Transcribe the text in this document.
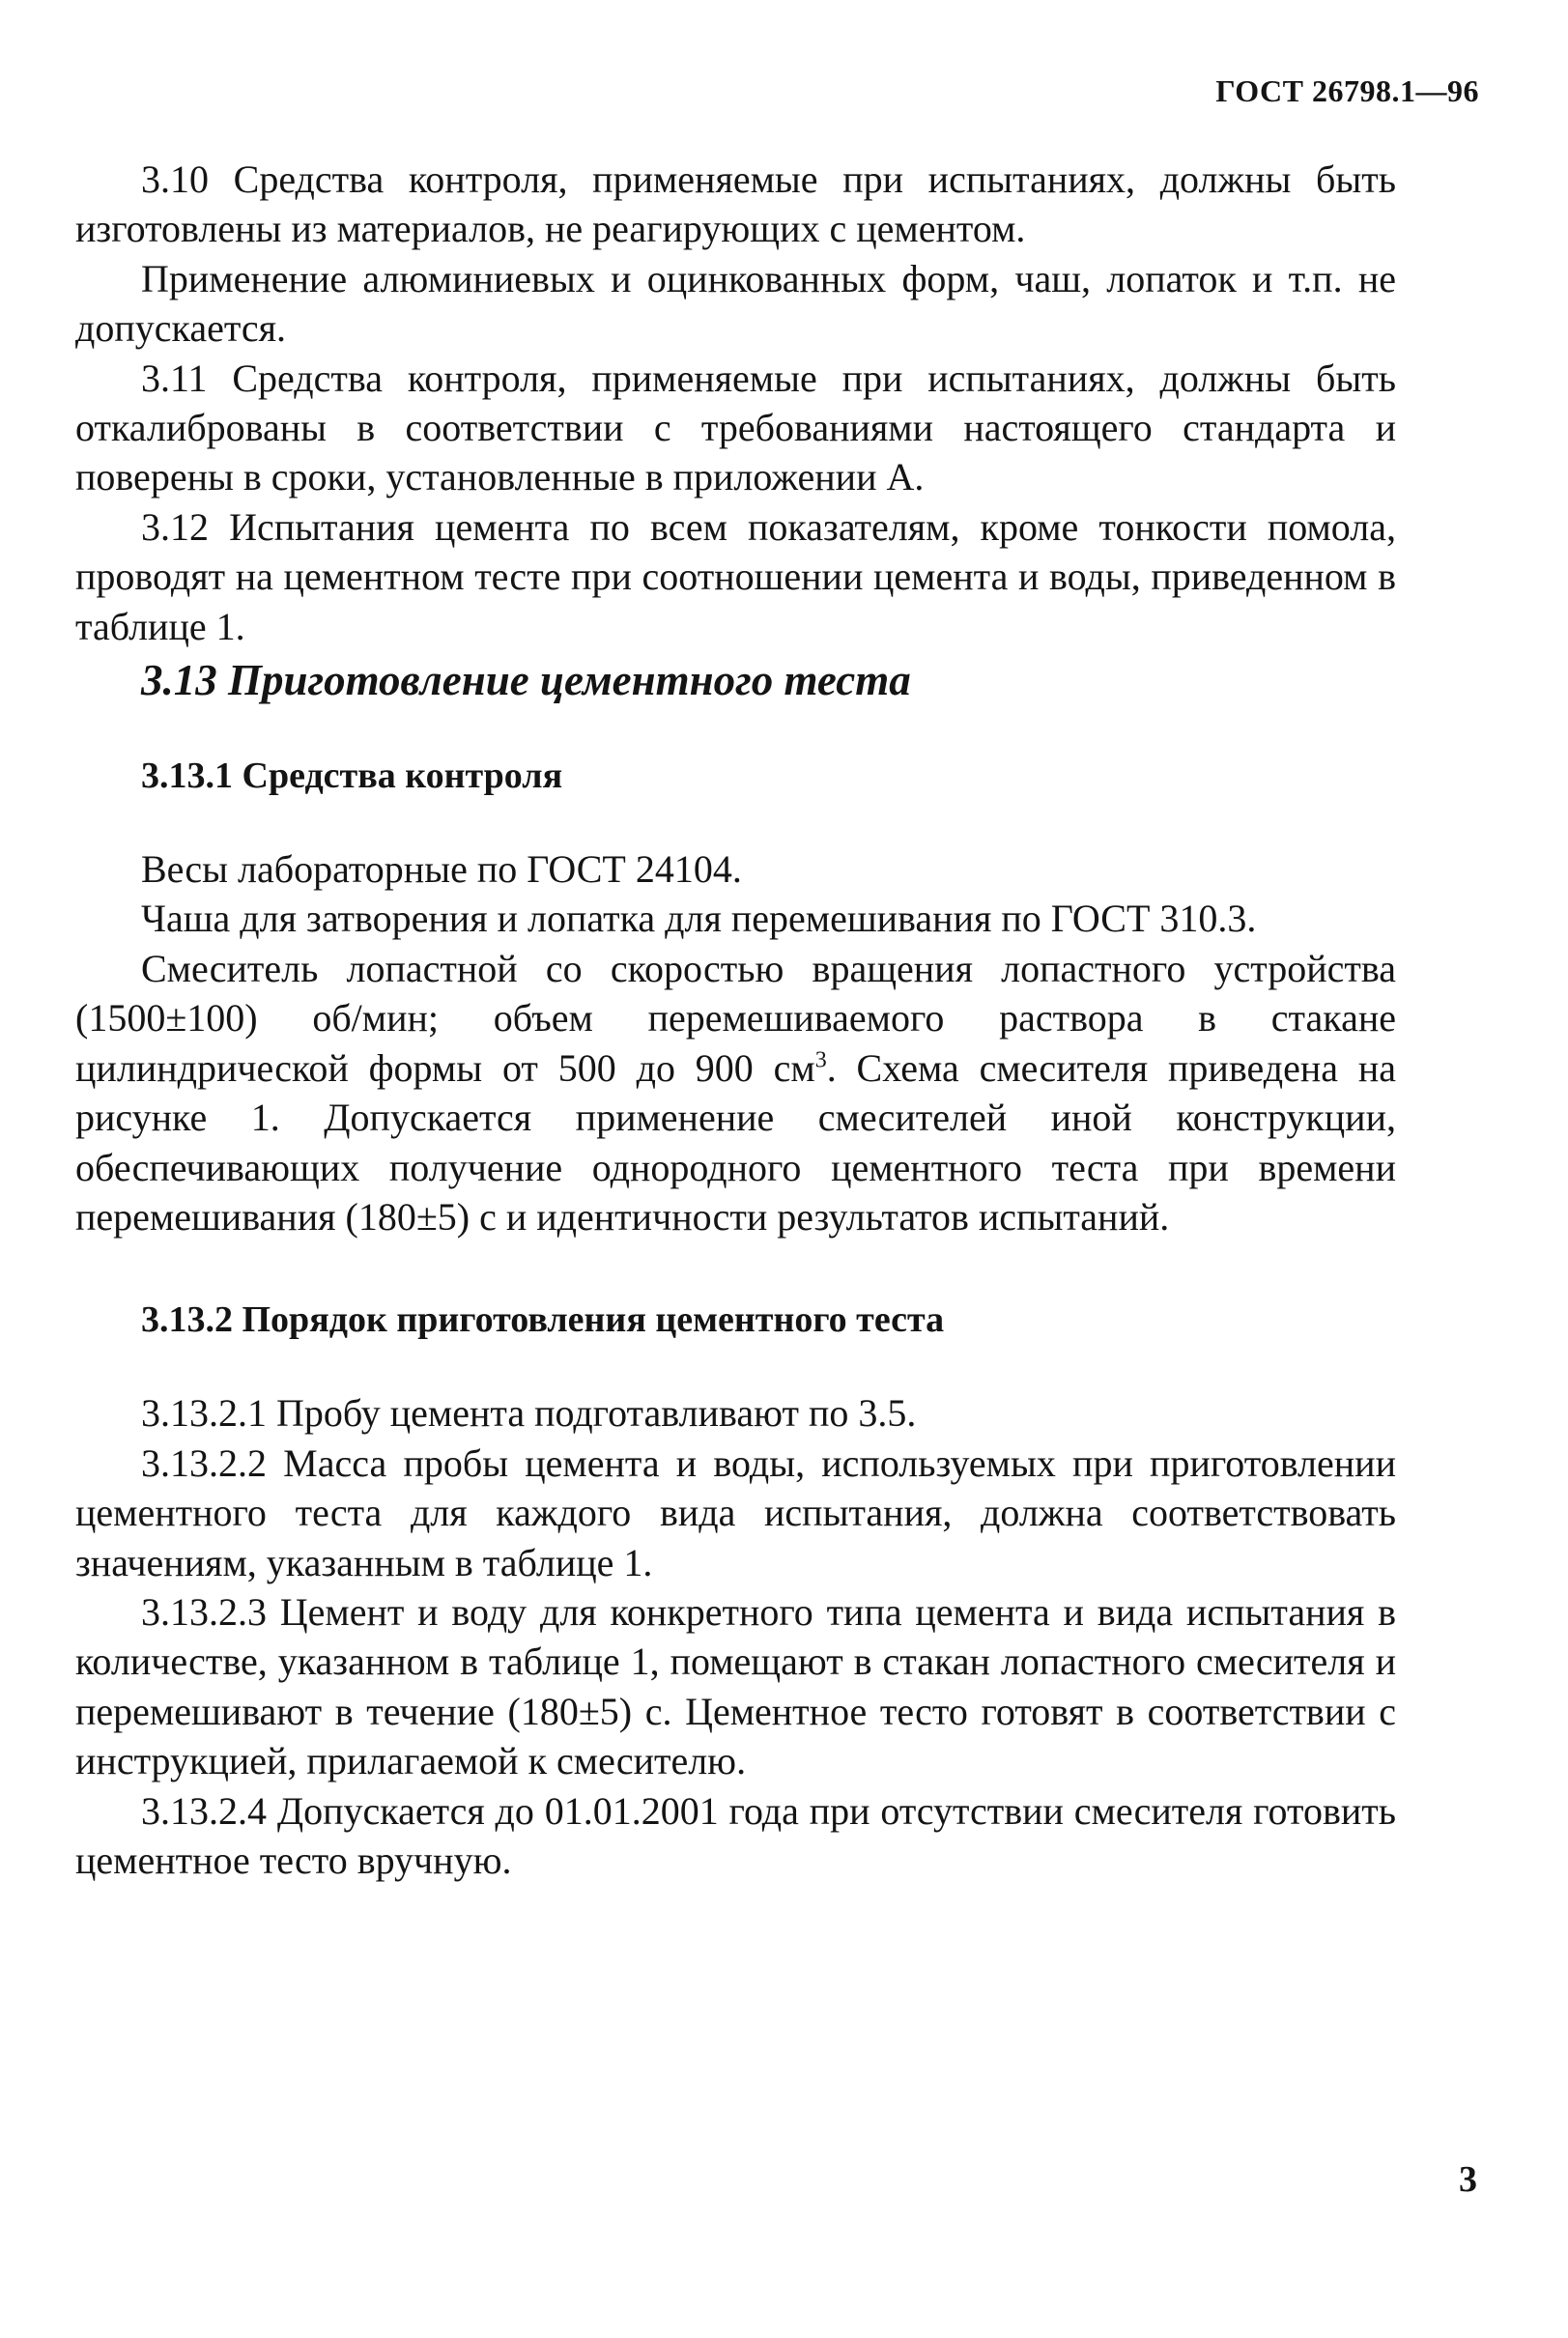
ГОСТ 26798.1—96

3.10 Средства контроля, применяемые при испытаниях, должны быть изготовлены из материалов, не реагирующих с цементом.

Применение алюминиевых и оцинкованных форм, чаш, лопаток и т.п. не допускается.

3.11 Средства контроля, применяемые при испытаниях, должны быть откалиброваны в соответствии с требованиями настоящего стандарта и поверены в сроки, установленные в приложении А.

3.12 Испытания цемента по всем показателям, кроме тонкости помола, проводят на цементном тесте при соотношении цемента и воды, приведенном в таблице 1.

3.13 Приготовление цементного теста
3.13.1 Средства контроля

Весы лабораторные по ГОСТ 24104.

Чаша для затворения и лопатка для перемешивания по ГОСТ 310.3.

Смеситель лопастной со скоростью вращения лопастного устройства (1500±100) об/мин; объем перемешиваемого раствора в стакане цилиндрической формы от 500 до 900 $см^3$. Схема смесителя приведена на рисунке 1. Допускается применение смесителей иной конструкции, обеспечивающих получение однородного цементного теста при времени перемешивания (180±5) с и идентичности результатов испытаний.

3.13.2 Порядок приготовления цементного теста

3.13.2.1 Пробу цемента подготавливают по 3.5.

3.13.2.2 Масса пробы цемента и воды, используемых при приготовлении цементного теста для каждого вида испытания, должна соответствовать значениям, указанным в таблице 1.

3.13.2.3 Цемент и воду для конкретного типа цемента и вида испытания в количестве, указанном в таблице 1, помещают в стакан лопастного смесителя и перемешивают в течение (180±5) с. Цементное тесто готовят в соответствии с инструкцией, прилагаемой к смесителю.

3.13.2.4 Допускается до 01.01.2001 года при отсутствии смесителя готовить цементное тесто вручную.

3
